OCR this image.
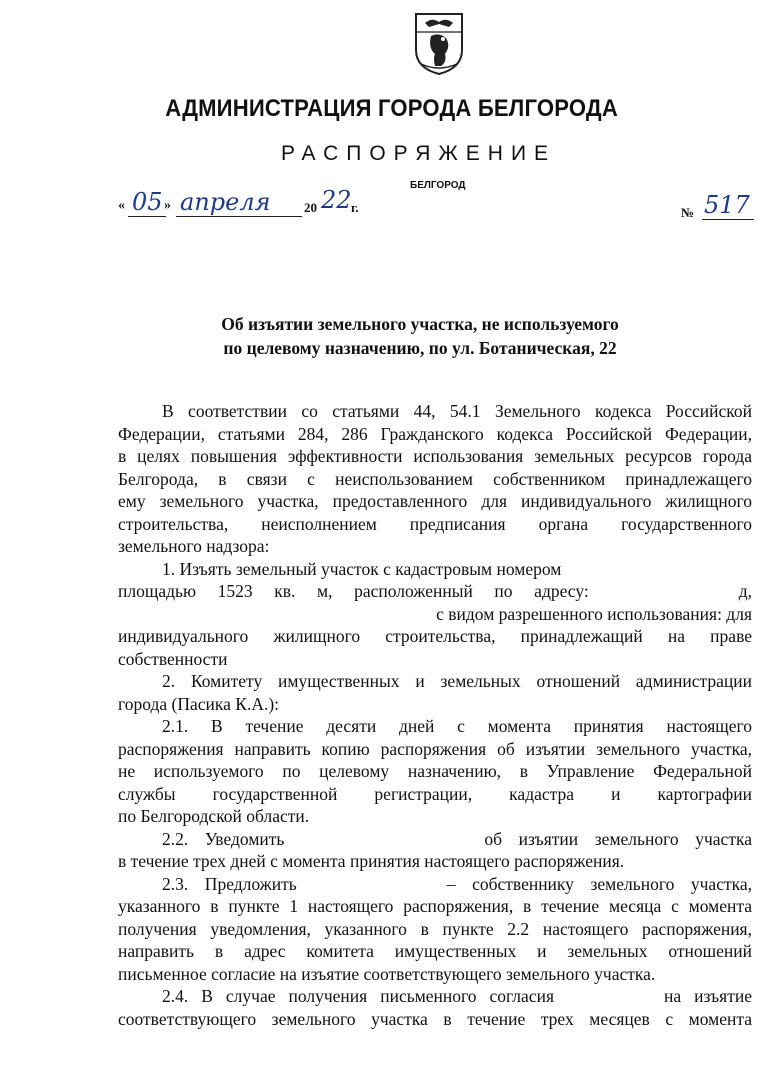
АДМИНИСТРАЦИЯ ГОРОДА БЕЛГОРОДА
РАСПОРЯЖЕНИЕ
БЕЛГОРОД
« 05 » апреля	20 22 г.	№ 517
Об изъятии земельного участка, не используемого
по целевому назначению, по ул. Ботаническая, 22

В соответствии со статьями 44, 54.1 Земельного кодекса Российской

Федерации, статьями 284, 286 Гражданского кодекса Российской Федерации,

в целях повышения эффективности использования земельных ресурсов города

Белгорода, в связи с неиспользованием собственником принадлежащего

ему земельного участка, предоставленного для индивидуального жилищного

строительства, неисполнением предписания органа государственного

земельного надзора:

1. Изъять земельный участок с кадастровым номером

площадью 1523 кв. м, расположенный по адресу:	д,

с видом разрешенного использования: для

индивидуального жилищного строительства, принадлежащий на праве

собственности

2. Комитету имущественных и земельных отношений администрации

города (Пасика К.А.):

2.1. В течение десяти дней с момента принятия настоящего

распоряжения направить копию распоряжения об изъятии земельного участка,

не используемого по целевому назначению, в Управление Федеральной

службы государственной регистрации, кадастра и картографии

по Белгородской области.

2.2. Уведомить	об изъятии земельного участка

в течение трех дней с момента принятия настоящего распоряжения.

2.3. Предложить	– собственнику земельного участка,

указанного в пункте 1 настоящего распоряжения, в течение месяца с момента

получения уведомления, указанного в пункте 2.2 настоящего распоряжения,

направить в адрес комитета имущественных и земельных отношений

письменное согласие на изъятие соответствующего земельного участка.

2.4. В случае получения письменного согласия	на изъятие

соответствующего земельного участка в течение трех месяцев с момента
